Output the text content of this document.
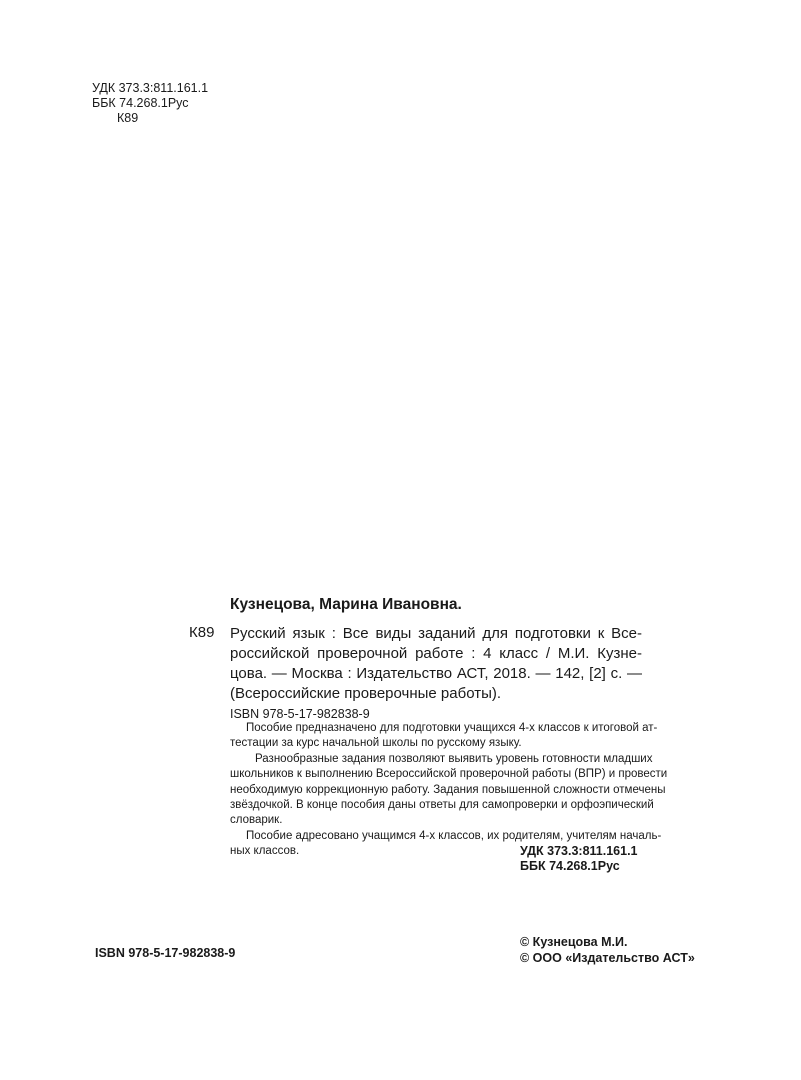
УДК 373.3:811.161.1
ББК 74.268.1Рус
К89
Кузнецова, Марина Ивановна.
К89 Русский язык : Все виды заданий для подготовки к Все-
российской проверочной работе : 4 класс / М.И. Кузне-
цова. — Москва : Издательство АСТ, 2018. — 142, [2] с. —
(Всероссийские проверочные работы).
ISBN 978-5-17-982838-9

Пособие предназначено для подготовки учащихся 4-х классов к итоговой ат-
тестации за курс начальной школы по русскому языку.

Разнообразные задания позволяют выявить уровень готовности младших
школьников к выполнению Всероссийской проверочной работы (ВПР) и провести
необходимую коррекционную работу. Задания повышенной сложности отмечены
звёздочкой. В конце пособия даны ответы для самопроверки и орфоэпический
словарик.

Пособие адресовано учащимся 4-х классов, их родителям, учителям началь-
ных классов.	УДК 373.3:811.161.1
ББК 74.268.1Рус
ISBN 978-5-17-982838-9
© Кузнецова М.И.
© ООО «Издательство АСТ»
